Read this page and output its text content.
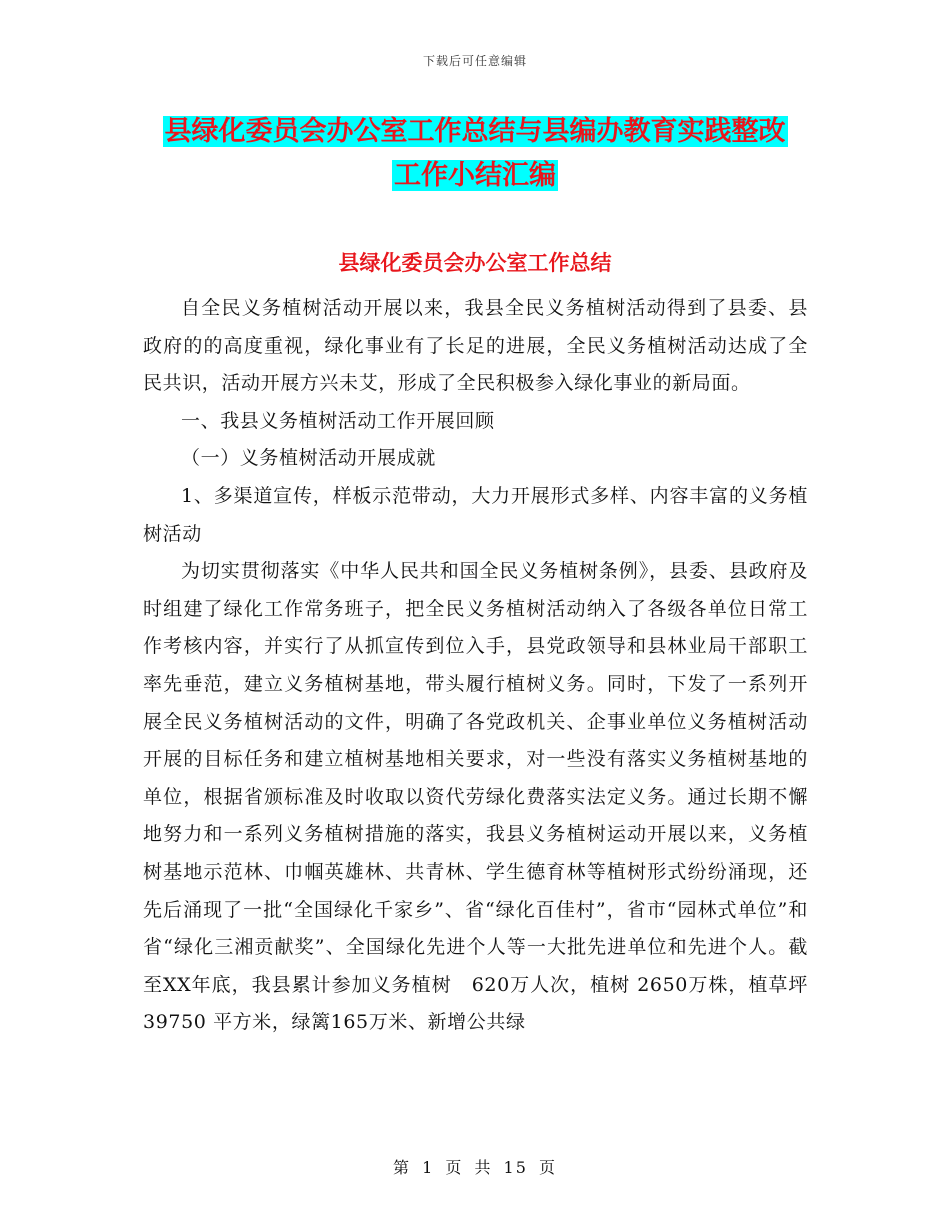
下载后可任意编辑
县绿化委员会办公室工作总结与县编办教育实践整改
工作小结汇编
县绿化委员会办公室工作总结

自全民义务植树活动开展以来，我县全民义务植树活动得到了县委、县政府的的高度重视，绿化事业有了长足的进展，全民义务植树活动达成了全民共识，活动开展方兴未艾，形成了全民积极参入绿化事业的新局面。

一、我县义务植树活动工作开展回顾

（一）义务植树活动开展成就

1、多渠道宣传，样板示范带动，大力开展形式多样、内容丰富的义务植树活动

为切实贯彻落实《中华人民共和国全民义务植树条例》，县委、县政府及时组建了绿化工作常务班子，把全民义务植树活动纳入了各级各单位日常工作考核内容，并实行了从抓宣传到位入手，县党政领导和县林业局干部职工率先垂范，建立义务植树基地，带头履行植树义务。同时，下发了一系列开展全民义务植树活动的文件，明确了各党政机关、企事业单位义务植树活动开展的目标任务和建立植树基地相关要求，对一些没有落实义务植树基地的单位，根据省颁标准及时收取以资代劳绿化费落实法定义务。通过长期不懈地努力和一系列义务植树措施的落实，我县义务植树运动开展以来，义务植树基地示范林、巾帼英雄林、共青林、学生德育林等植树形式纷纷涌现，还先后涌现了一批“全国绿化千家乡”、省“绿化百佳村”，省市“园林式单位”和省“绿化三湘贡献奖”、全国绿化先进个人等一大批先进单位和先进个人。截至XX年底，我县累计参加义务植树　620万人次，植树 2650万株，植草坪 39750 平方米，绿篱165万米、新增公共绿

第 1 页 共 15 页
